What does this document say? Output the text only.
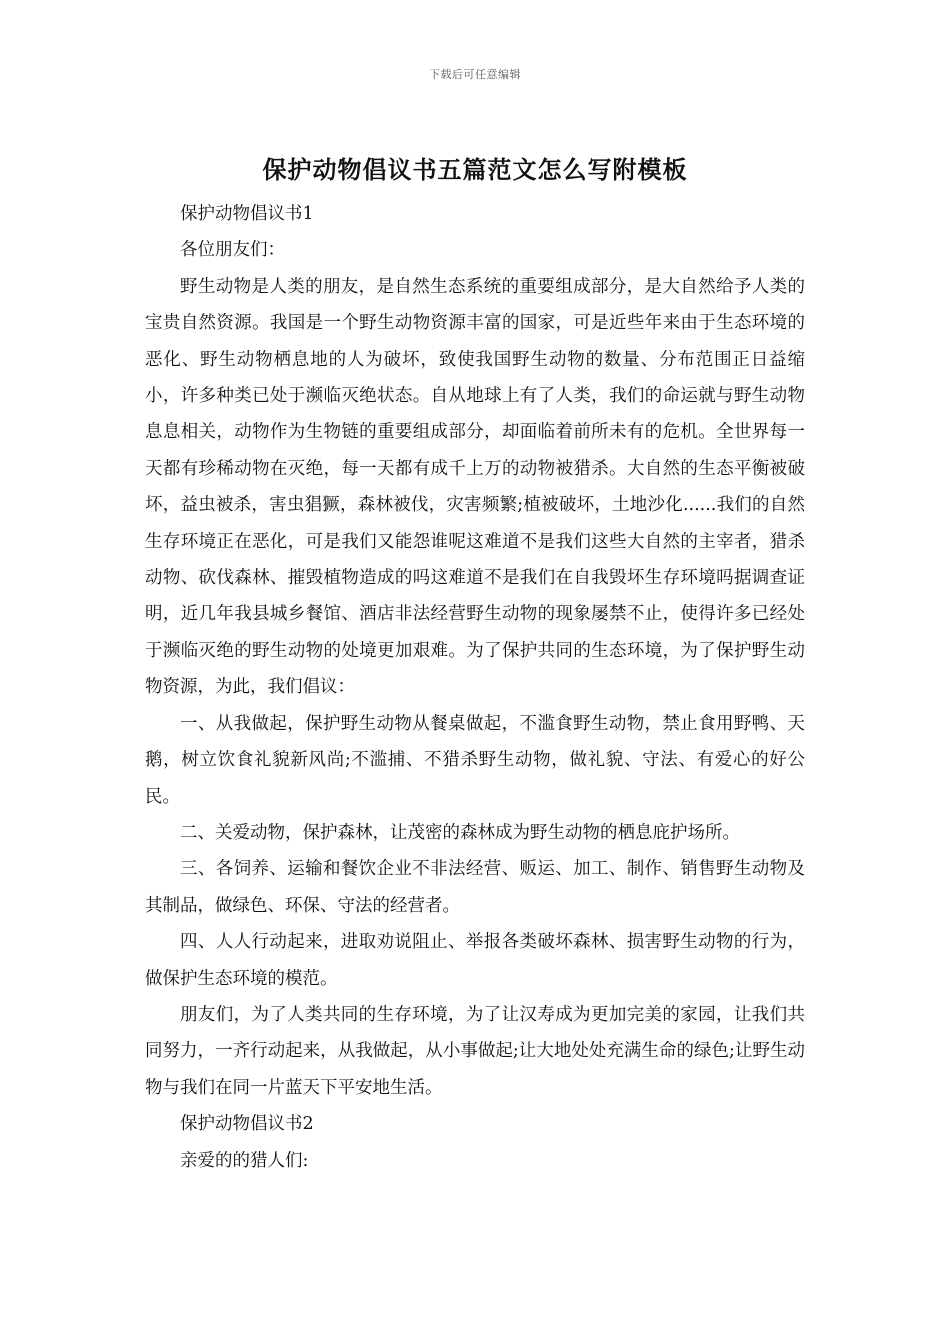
下载后可任意编辑
保护动物倡议书五篇范文怎么写附模板

保护动物倡议书1

各位朋友们：

野生动物是人类的朋友，是自然生态系统的重要组成部分，是大自然给予人类的宝贵自然资源。我国是一个野生动物资源丰富的国家，可是近些年来由于生态环境的恶化、野生动物栖息地的人为破坏，致使我国野生动物的数量、分布范围正日益缩小，许多种类已处于濒临灭绝状态。自从地球上有了人类，我们的命运就与野生动物息息相关，动物作为生物链的重要组成部分，却面临着前所未有的危机。全世界每一天都有珍稀动物在灭绝，每一天都有成千上万的动物被猎杀。大自然的生态平衡被破坏，益虫被杀，害虫猖獗，森林被伐，灾害频繁;植被破坏，土地沙化......我们的自然生存环境正在恶化，可是我们又能怨谁呢这难道不是我们这些大自然的主宰者，猎杀动物、砍伐森林、摧毁植物造成的吗这难道不是我们在自我毁坏生存环境吗据调查证明，近几年我县城乡餐馆、酒店非法经营野生动物的现象屡禁不止，使得许多已经处于濒临灭绝的野生动物的处境更加艰难。为了保护共同的生态环境，为了保护野生动物资源，为此，我们倡议：

一、从我做起，保护野生动物从餐桌做起，不滥食野生动物，禁止食用野鸭、天鹅，树立饮食礼貌新风尚;不滥捕、不猎杀野生动物，做礼貌、守法、有爱心的好公民。

二、关爱动物，保护森林，让茂密的森林成为野生动物的栖息庇护场所。

三、各饲养、运输和餐饮企业不非法经营、贩运、加工、制作、销售野生动物及其制品，做绿色、环保、守法的经营者。

四、人人行动起来，进取劝说阻止、举报各类破坏森林、损害野生动物的行为，做保护生态环境的模范。

朋友们，为了人类共同的生存环境，为了让汉寿成为更加完美的家园，让我们共同努力，一齐行动起来，从我做起，从小事做起;让大地处处充满生命的绿色;让野生动物与我们在同一片蓝天下平安地生活。

保护动物倡议书2

亲爱的的猎人们:
